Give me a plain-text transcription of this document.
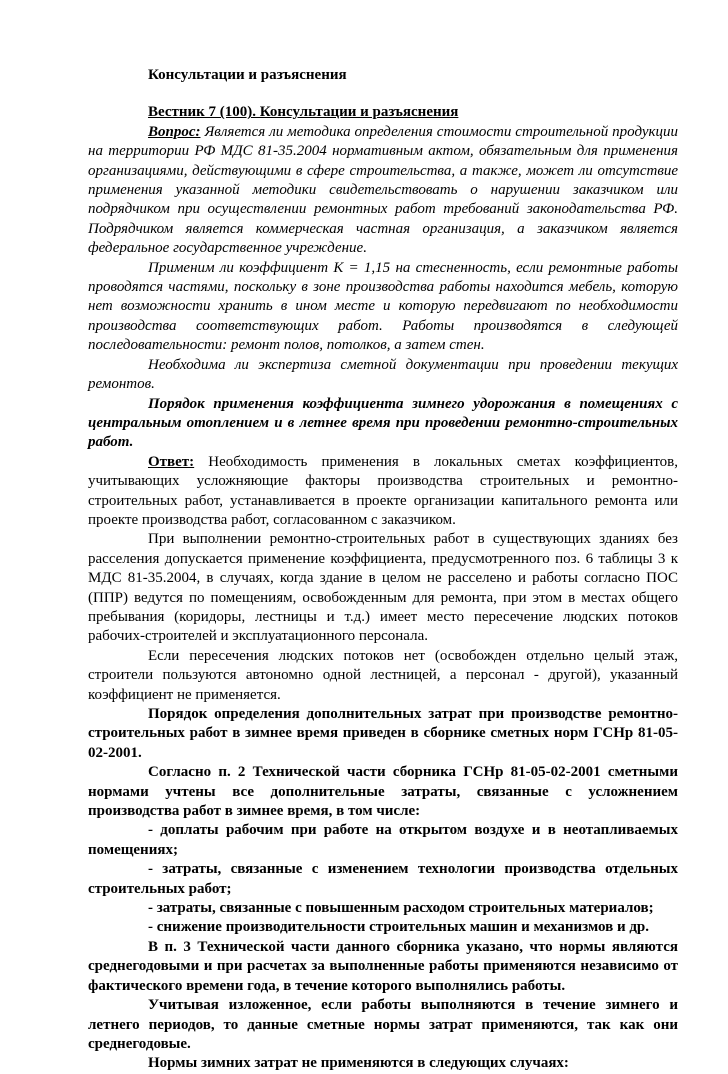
Консультации и разъяснения
Вестник 7 (100). Консультации и разъяснения

Вопрос: Является ли методика определения стоимости строительной продукции на территории РФ МДС 81-35.2004 нормативным актом, обязательным для применения организациями, действующими в сфере строительства, а также, может ли отсутствие применения указанной методики свидетельствовать о нарушении заказчиком или подрядчиком при осуществлении ремонтных работ требований законодательства РФ. Подрядчиком является коммерческая частная организация, а заказчиком является федеральное государственное учреждение.

Применим ли коэффициент К = 1,15 на стесненность, если ремонтные работы проводятся частями, поскольку в зоне производства работы находится мебель, которую нет возможности хранить в ином месте и которую передвигают по необходимости производства соответствующих работ. Работы производятся в следующей последовательности: ремонт полов, потолков, а затем стен.

Необходима ли экспертиза сметной документации при проведении текущих ремонтов.

Порядок применения коэффициента зимнего удорожания в помещениях с центральным отоплением и в летнее время при проведении ремонтно-строительных работ.

Ответ: Необходимость применения в локальных сметах коэффициентов, учитывающих усложняющие факторы производства строительных и ремонтно-строительных работ, устанавливается в проекте организации капитального ремонта или проекте производства работ, согласованном с заказчиком.

При выполнении ремонтно-строительных работ в существующих зданиях без расселения допускается применение коэффициента, предусмотренного поз. 6 таблицы 3 к МДС 81-35.2004, в случаях, когда здание в целом не расселено и работы согласно ПОС (ППР) ведутся по помещениям, освобожденным для ремонта, при этом в местах общего пребывания (коридоры, лестницы и т.д.) имеет место пересечение людских потоков рабочих-строителей и эксплуатационного персонала.

Если пересечения людских потоков нет (освобожден отдельно целый этаж, строители пользуются автономно одной лестницей, а персонал - другой), указанный коэффициент не применяется.

Порядок определения дополнительных затрат при производстве ремонтно-строительных работ в зимнее время приведен в сборнике сметных норм ГСНр 81-05-02-2001.

Согласно п. 2 Технической части сборника ГСНр 81-05-02-2001 сметными нормами учтены все дополнительные затраты, связанные с усложнением производства работ в зимнее время, в том числе:

- доплаты рабочим при работе на открытом воздухе и в неотапливаемых помещениях;

- затраты, связанные с изменением технологии производства отдельных строительных работ;

- затраты, связанные с повышенным расходом строительных материалов;

- снижение производительности строительных машин и механизмов и др.

В п. 3 Технической части данного сборника указано, что нормы являются среднегодовыми и при расчетах за выполненные работы применяются независимо от фактического времени года, в течение которого выполнялись работы.

Учитывая изложенное, если работы выполняются в течение зимнего и летнего периодов, то данные сметные нормы затрат применяются, так как они среднегодовые.

Нормы зимних затрат не применяются в следующих случаях:
